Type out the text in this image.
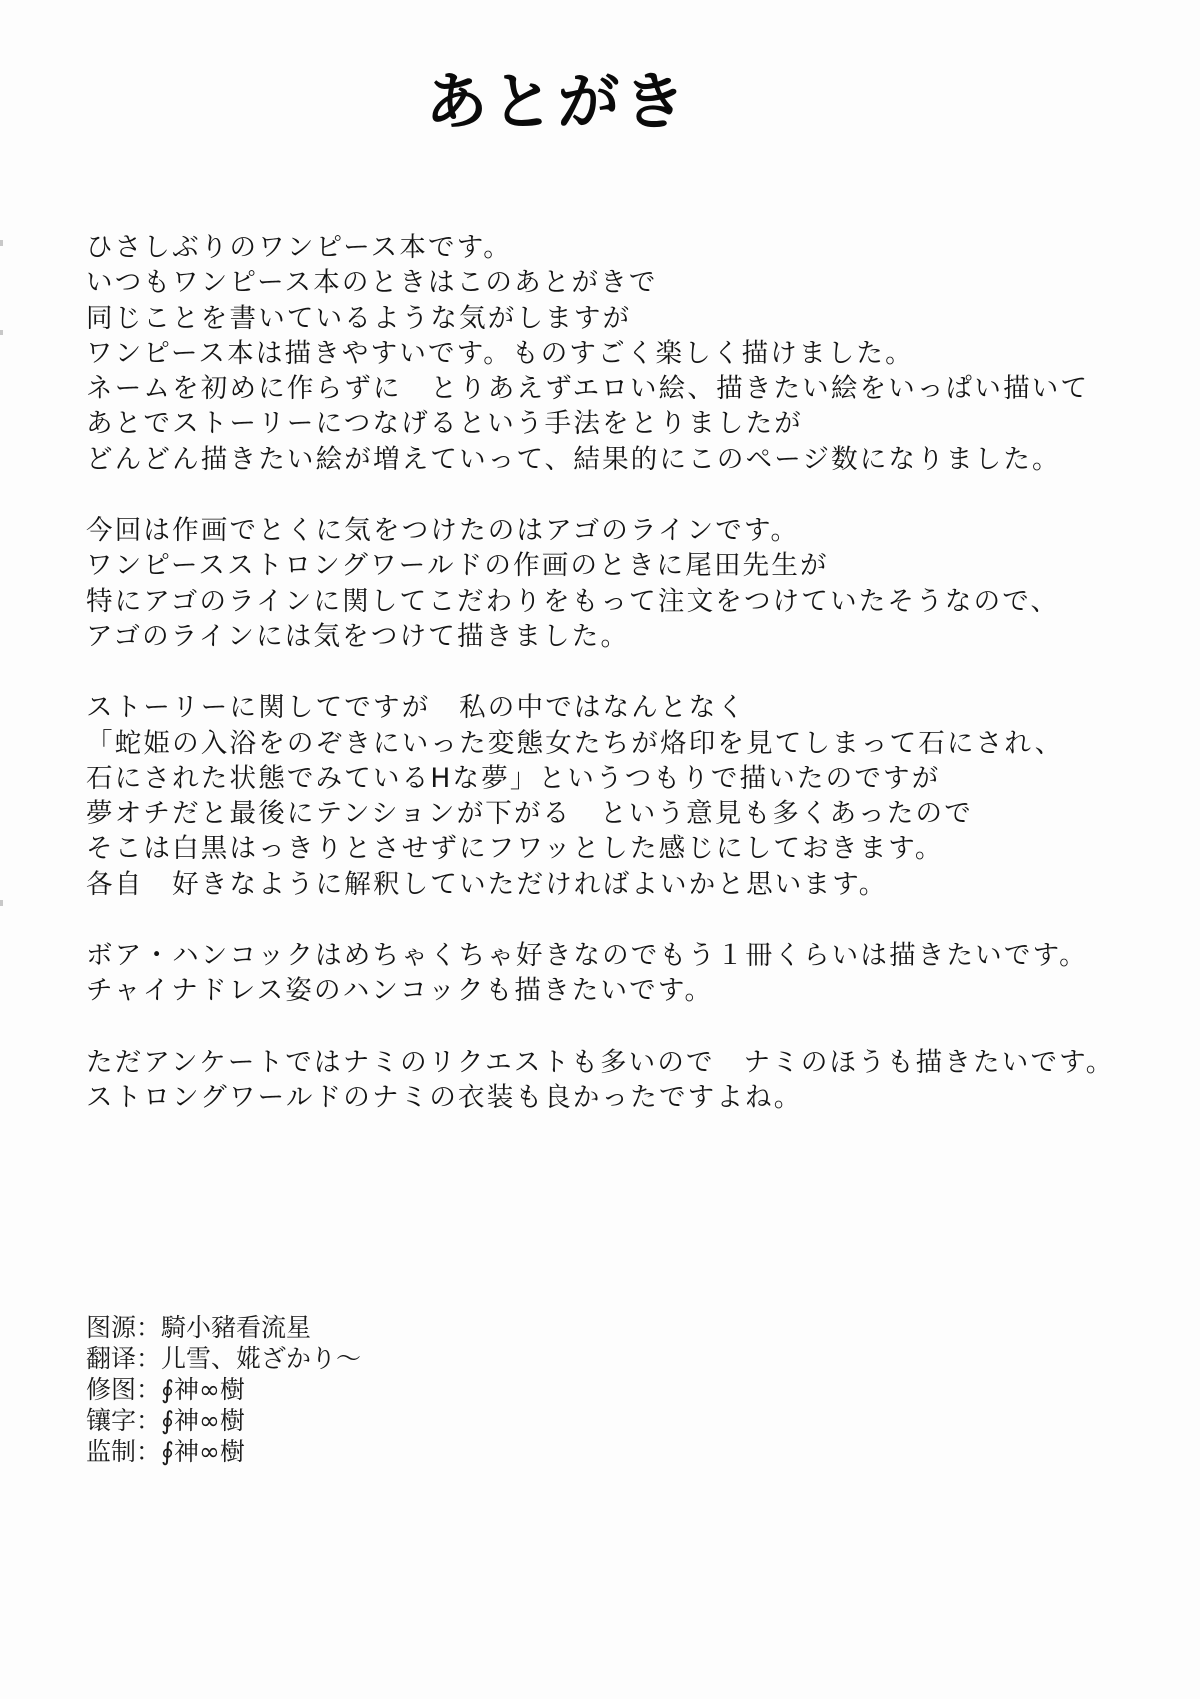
あとがき
ひさしぶりのワンピース本です。
いつもワンピース本のときはこのあとがきで
同じことを書いているような気がしますが
ワンピース本は描きやすいです。ものすごく楽しく描けました。
ネームを初めに作らずに　とりあえずエロい絵、描きたい絵をいっぱい描いて
あとでストーリーにつなげるという手法をとりましたが
どんどん描きたい絵が増えていって、結果的にこのページ数になりました。
今回は作画でとくに気をつけたのはアゴのラインです。
ワンピースストロングワールドの作画のときに尾田先生が
特にアゴのラインに関してこだわりをもって注文をつけていたそうなので、
アゴのラインには気をつけて描きました。
ストーリーに関してですが　私の中ではなんとなく
「蛇姫の入浴をのぞきにいった変態女たちが烙印を見てしまって石にされ、
石にされた状態でみているHな夢」というつもりで描いたのですが
夢オチだと最後にテンションが下がる　という意見も多くあったので
そこは白黒はっきりとさせずにフワッとした感じにしておきます。
各自　好きなように解釈していただければよいかと思います。
ボア・ハンコックはめちゃくちゃ好きなのでもう１冊くらいは描きたいです。
チャイナドレス姿のハンコックも描きたいです。
ただアンケートではナミのリクエストも多いので　ナミのほうも描きたいです。
ストロングワールドのナミの衣装も良かったですよね。
图源：騎小豬看流星
翻译：儿雪、婲ざかり～
修图：∮神∞樹
镶字：∮神∞樹
监制：∮神∞樹
